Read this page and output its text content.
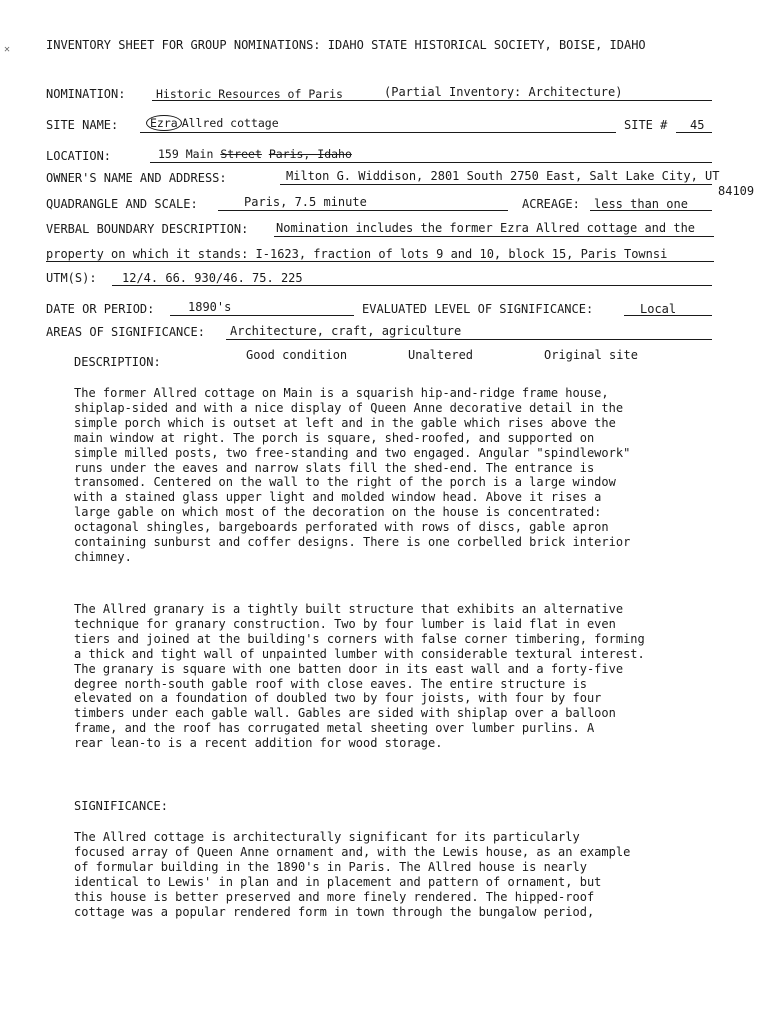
✕	INVENTORY SHEET FOR GROUP NOMINATIONS: IDAHO STATE HISTORICAL SOCIETY, BOISE, IDAHO
NOMINATION:	Historic Resources of Paris	(Partial Inventory: Architecture)
SITE NAME:	Ezra Allred cottage	SITE # 45
LOCATION:	159 Main Street Paris, Idaho
OWNER'S NAME AND ADDRESS:	Milton G. Widdison, 2801 South 2750 East, Salt Lake City, UT
84109
QUADRANGLE AND SCALE:	Paris, 7.5 minute	ACREAGE: less than one
VERBAL BOUNDARY DESCRIPTION: Nomination includes the former Ezra Allred cottage and the
property on which it stands: I-1623, fraction of lots 9 and 10, block 15, Paris Townsi
UTM(S): 12/4. 66. 930/46. 75. 225
DATE OR PERIOD:	1890's	EVALUATED LEVEL OF SIGNIFICANCE:	Local
AREAS OF SIGNIFICANCE: Architecture, craft, agriculture
DESCRIPTION:	Good condition	Unaltered	Original site
The former Allred cottage on Main is a squarish hip-and-ridge frame house,
shiplap-sided and with a nice display of Queen Anne decorative detail in the
simple porch which is outset at left and in the gable which rises above the
main window at right. The porch is square, shed-roofed, and supported on
simple milled posts, two free-standing and two engaged. Angular "spindlework"
runs under the eaves and narrow slats fill the shed-end. The entrance is
transomed. Centered on the wall to the right of the porch is a large window
with a stained glass upper light and molded window head. Above it rises a
large gable on which most of the decoration on the house is concentrated:
octagonal shingles, bargeboards perforated with rows of discs, gable apron
containing sunburst and coffer designs. There is one corbelled brick interior
chimney.
The Allred granary is a tightly built structure that exhibits an alternative
technique for granary construction. Two by four lumber is laid flat in even
tiers and joined at the building's corners with false corner timbering, forming
a thick and tight wall of unpainted lumber with considerable textural interest.
The granary is square with one batten door in its east wall and a forty-five
degree north-south gable roof with close eaves. The entire structure is
elevated on a foundation of doubled two by four joists, with four by four
timbers under each gable wall. Gables are sided with shiplap over a balloon
frame, and the roof has corrugated metal sheeting over lumber purlins. A
rear lean-to is a recent addition for wood storage.
SIGNIFICANCE:
The Allred cottage is architecturally significant for its particularly
focused array of Queen Anne ornament and, with the Lewis house, as an example
of formular building in the 1890's in Paris. The Allred house is nearly
identical to Lewis' in plan and in placement and pattern of ornament, but
this house is better preserved and more finely rendered. The hipped-roof
cottage was a popular rendered form in town through the bungalow period,
